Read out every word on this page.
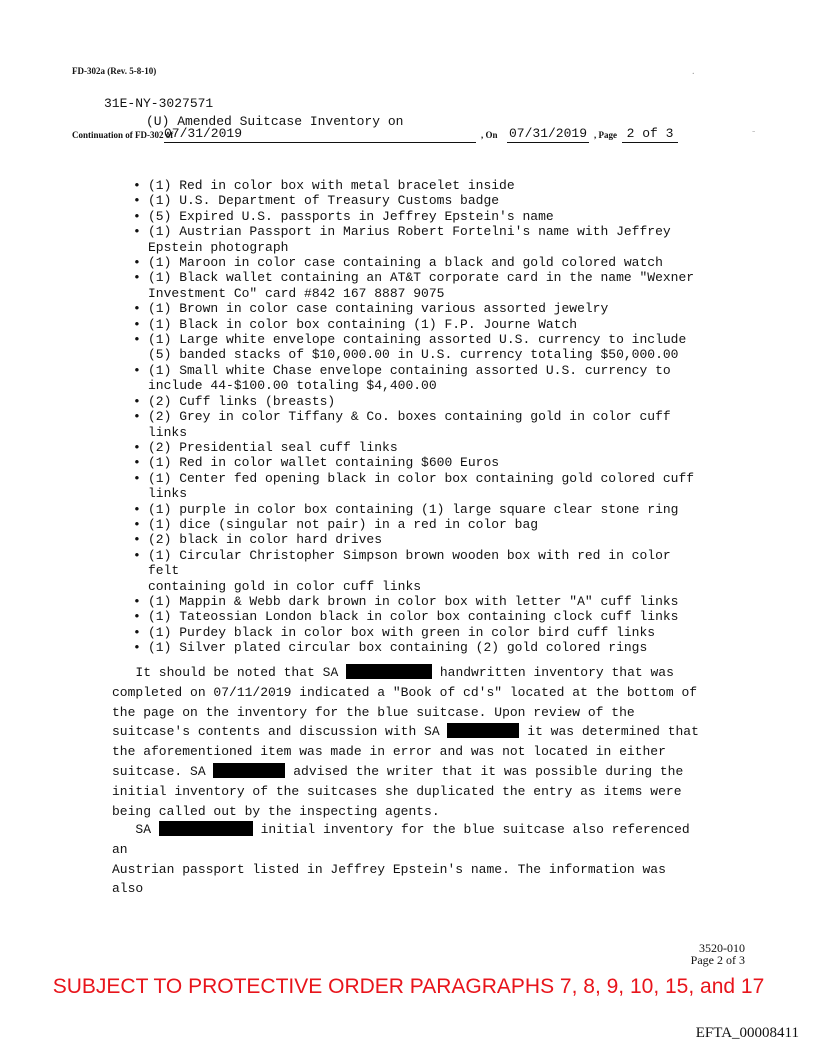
FD-302a (Rev. 5-8-10)	.
31E-NY-3027571
(U) Amended Suitcase Inventory on
Continuation of FD-302 of
07/31/2019	, On 07/31/2019 , Page 2 of 3	-
• (1) Red in color box with metal bracelet inside
• (1) U.S. Department of Treasury Customs badge
• (5) Expired U.S. passports in Jeffrey Epstein's name
• (1) Austrian Passport in Marius Robert Fortelni's name with Jeffrey
Epstein photograph
• (1) Maroon in color case containing a black and gold colored watch
• (1) Black wallet containing an AT&T corporate card in the name "Wexner
Investment Co" card #842 167 8887 9075
• (1) Brown in color case containing various assorted jewelry
• (1) Black in color box containing (1) F.P. Journe Watch
• (1) Large white envelope containing assorted U.S. currency to include
(5) banded stacks of $10,000.00 in U.S. currency totaling $50,000.00
• (1) Small white Chase envelope containing assorted U.S. currency to
include 44-$100.00 totaling $4,400.00
• (2) Cuff links (breasts)
• (2) Grey in color Tiffany & Co. boxes containing gold in color cuff
links
• (2) Presidential seal cuff links
• (1) Red in color wallet containing $600 Euros
• (1) Center fed opening black in color box containing gold colored cuff
links
• (1) purple in color box containing (1) large square clear stone ring
• (1) dice (singular not pair) in a red in color bag
• (2) black in color hard drives
• (1) Circular Christopher Simpson brown wooden box with red in color felt
containing gold in color cuff links
• (1) Mappin & Webb dark brown in color box with letter "A" cuff links
• (1) Tateossian London black in color box containing clock cuff links
• (1) Purdey black in color box with green in color bird cuff links
• (1) Silver plated circular box containing (2) gold colored rings
It should be noted that SA	handwritten inventory that was
completed on 07/11/2019 indicated a "Book of cd's" located at the bottom of
the page on the inventory for the blue suitcase. Upon review of the
suitcase's contents and discussion with SA	it was determined that
the aforementioned item was made in error and was not located in either
suitcase. SA	advised the writer that it was possible during the
initial inventory of the suitcases she duplicated the entry as items were
being called out by the inspecting agents.
SA	initial inventory for the blue suitcase also referenced an
Austrian passport listed in Jeffrey Epstein's name. The information was also
3520-010
Page 2 of 3
SUBJECT TO PROTECTIVE ORDER PARAGRAPHS 7, 8, 9, 10, 15, and 17
EFTA_00008411
